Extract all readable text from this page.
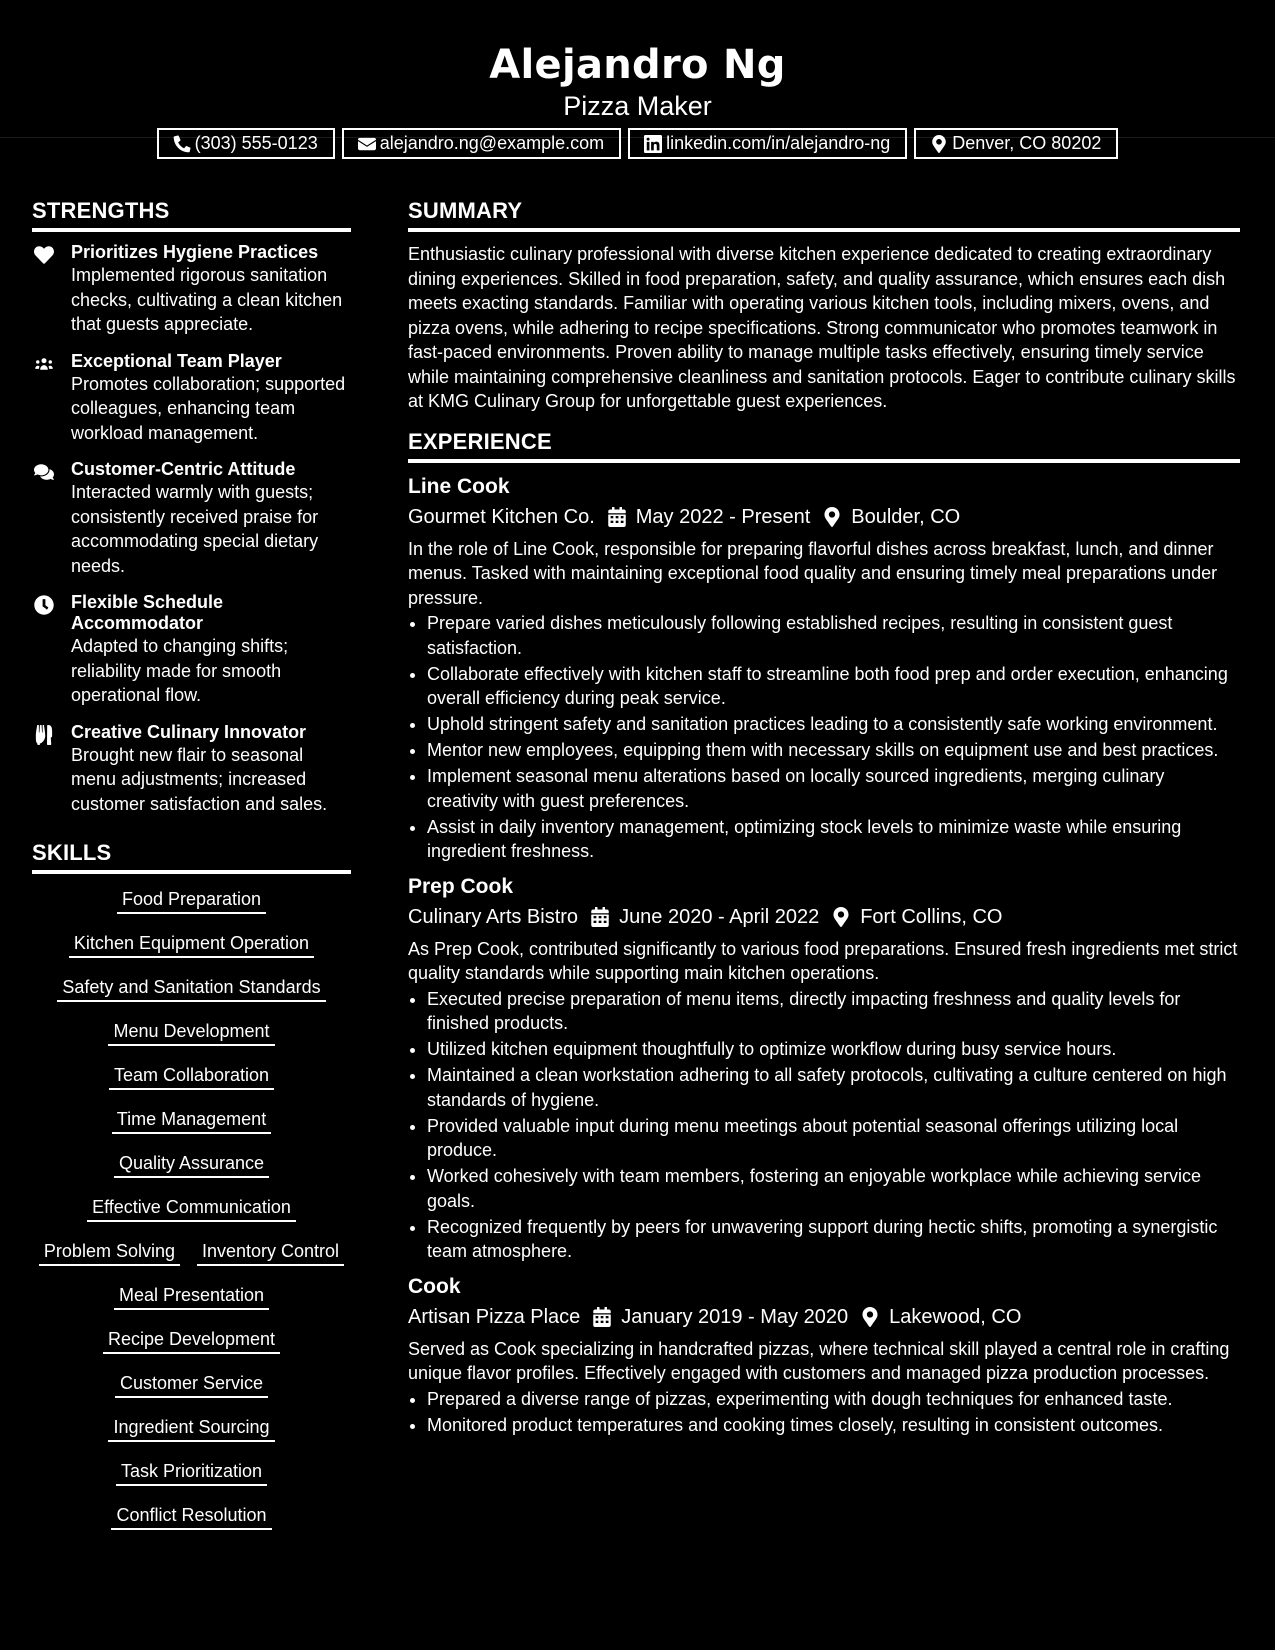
Alejandro Ng
Pizza Maker
(303) 555-0123	alejandro.ng@example.com	linkedin.com/in/alejandro-ng	Denver, CO 80202
STRENGTHS
Prioritizes Hygiene Practices
Implemented rigorous sanitation checks, cultivating a clean kitchen that guests appreciate.
Exceptional Team Player
Promotes collaboration; supported colleagues, enhancing team workload management.
Customer-Centric Attitude
Interacted warmly with guests; consistently received praise for accommodating special dietary needs.
Flexible Schedule Accommodator
Adapted to changing shifts; reliability made for smooth operational flow.
Creative Culinary Innovator
Brought new flair to seasonal menu adjustments; increased customer satisfaction and sales.
SKILLS
Food Preparation
Kitchen Equipment Operation
Safety and Sanitation Standards
Menu Development
Team Collaboration
Time Management
Quality Assurance
Effective Communication
Problem Solving Inventory Control
Meal Presentation
Recipe Development
Customer Service
Ingredient Sourcing
Task Prioritization
Conflict Resolution
SUMMARY

Enthusiastic culinary professional with diverse kitchen experience dedicated to creating extraordinary dining experiences. Skilled in food preparation, safety, and quality assurance, which ensures each dish meets exacting standards. Familiar with operating various kitchen tools, including mixers, ovens, and pizza ovens, while adhering to recipe specifications. Strong communicator who promotes teamwork in fast-paced environments. Proven ability to manage multiple tasks effectively, ensuring timely service while maintaining comprehensive cleanliness and sanitation protocols. Eager to contribute culinary skills at KMG Culinary Group for unforgettable guest experiences.

EXPERIENCE
Line Cook
Gourmet Kitchen Co. May 2022 - Present Boulder, CO

In the role of Line Cook, responsible for preparing flavorful dishes across breakfast, lunch, and dinner menus. Tasked with maintaining exceptional food quality and ensuring timely meal preparations under pressure.

• Prepare varied dishes meticulously following established recipes, resulting in consistent guest satisfaction.
• Collaborate effectively with kitchen staff to streamline both food prep and order execution, enhancing overall efficiency during peak service.
• Uphold stringent safety and sanitation practices leading to a consistently safe working environment.
• Mentor new employees, equipping them with necessary skills on equipment use and best practices.
• Implement seasonal menu alterations based on locally sourced ingredients, merging culinary creativity with guest preferences.
• Assist in daily inventory management, optimizing stock levels to minimize waste while ensuring ingredient freshness.
Prep Cook
Culinary Arts Bistro June 2020 - April 2022 Fort Collins, CO

As Prep Cook, contributed significantly to various food preparations. Ensured fresh ingredients met strict quality standards while supporting main kitchen operations.

• Executed precise preparation of menu items, directly impacting freshness and quality levels for finished products.
• Utilized kitchen equipment thoughtfully to optimize workflow during busy service hours.
• Maintained a clean workstation adhering to all safety protocols, cultivating a culture centered on high standards of hygiene.
• Provided valuable input during menu meetings about potential seasonal offerings utilizing local produce.
• Worked cohesively with team members, fostering an enjoyable workplace while achieving service goals.
• Recognized frequently by peers for unwavering support during hectic shifts, promoting a synergistic team atmosphere.
Cook
Artisan Pizza Place January 2019 - May 2020 Lakewood, CO

Served as Cook specializing in handcrafted pizzas, where technical skill played a central role in crafting unique flavor profiles. Effectively engaged with customers and managed pizza production processes.

• Prepared a diverse range of pizzas, experimenting with dough techniques for enhanced taste.
• Monitored product temperatures and cooking times closely, resulting in consistent outcomes.
